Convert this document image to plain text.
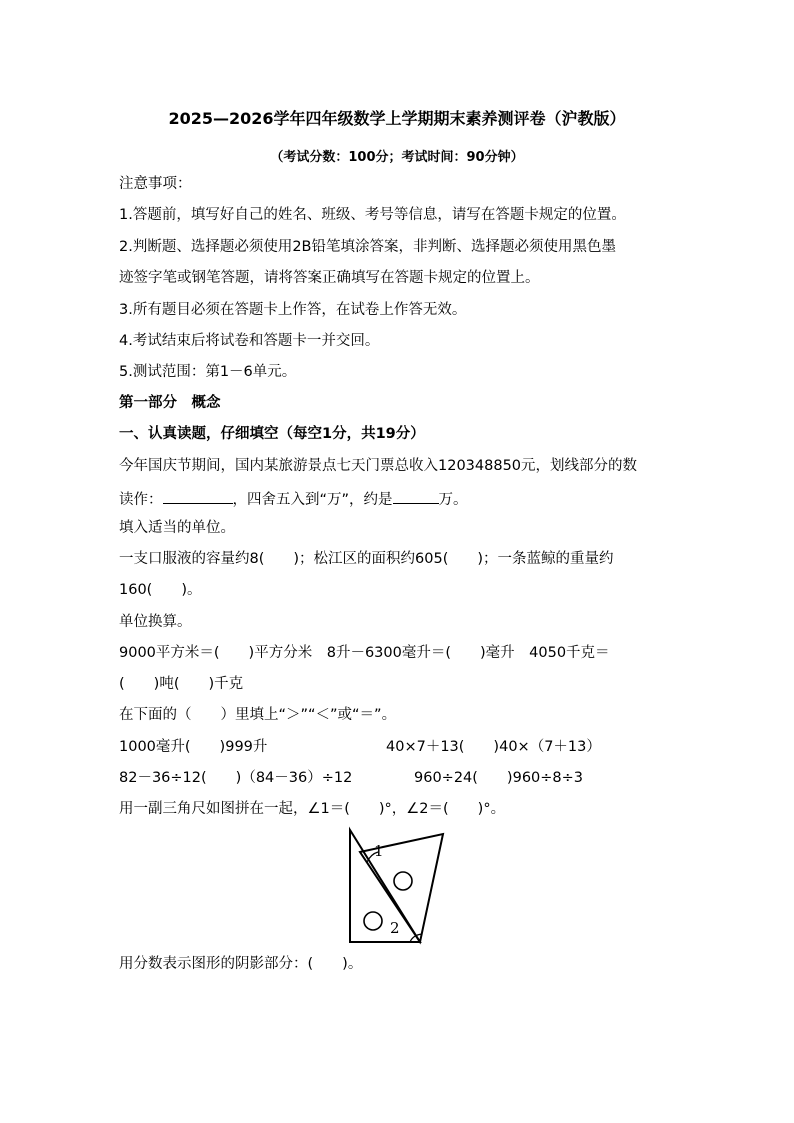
2025—2026学年四年级数学上学期期末素养测评卷（沪教版）
（考试分数：100分；考试时间：90分钟）
注意事项：
1.答题前，填写好自己的姓名、班级、考号等信息，请写在答题卡规定的位置。
2.判断题、选择题必须使用2B铅笔填涂答案，非判断、选择题必须使用黑色墨
迹签字笔或钢笔答题，请将答案正确填写在答题卡规定的位置上。
3.所有题目必须在答题卡上作答，在试卷上作答无效。
4.考试结束后将试卷和答题卡一并交回。
5.测试范围：第1－6单元。
第一部分　概念
一、认真读题，仔细填空（每空1分，共19分）
今年国庆节期间，国内某旅游景点七天门票总收入120348850元，划线部分的数
读作：	，四舍五入到“万”，约是	万。
填入适当的单位。
一支口服液的容量约8(　　)；松江区的面积约605(　　)；一条蓝鲸的重量约
160(　　)。
单位换算。
9000平方米＝(　　)平方分米　8升－6300毫升＝(　　)毫升　4050千克＝
(　　)吨(　　)千克
在下面的（　　）里填上“＞”“＜”或“＝”。
1000毫升(　　)999升	40×7＋13(　　)40×（7＋13）
82－36÷12(　　)（84－36）÷12	960÷24(　　)960÷8÷3
用一副三角尺如图拼在一起，∠1＝(　　)°，∠2＝(　　)°。
1
2
用分数表示图形的阴影部分：(　　)。
